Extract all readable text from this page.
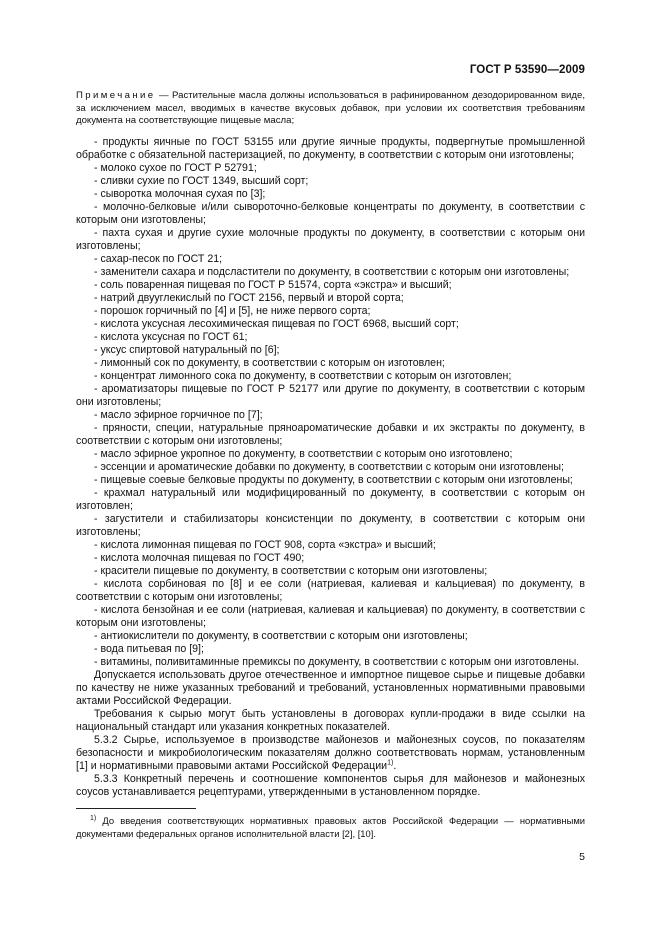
ГОСТ Р 53590—2009

Примечание — Растительные масла должны использоваться в рафинированном дезодорированном виде, за исключением масел, вводимых в качестве вкусовых добавок, при условии их соответствия требованиям документа на соответствующие пищевые масла;

- продукты яичные по ГОСТ 53155 или другие яичные продукты, подвергнутые промышленной обработке с обязательной пастеризацией, по документу, в соответствии с которым они изготовлены;

- молоко сухое по ГОСТ Р 52791;

- сливки сухие по ГОСТ 1349, высший сорт;

- сыворотка молочная сухая по [3];

- молочно-белковые и/или сывороточно-белковые концентраты по документу, в соответствии с которым они изготовлены;

- пахта сухая и другие сухие молочные продукты по документу, в соответствии с которым они изготовлены;

- сахар-песок по ГОСТ 21;

- заменители сахара и подсластители по документу, в соответствии с которым они изготовлены;

- соль поваренная пищевая по ГОСТ Р 51574, сорта «экстра» и высший;

- натрий двууглекислый по ГОСТ 2156, первый и второй сорта;

- порошок горчичный по [4] и [5], не ниже первого сорта;

- кислота уксусная лесохимическая пищевая по ГОСТ 6968, высший сорт;

- кислота уксусная по ГОСТ 61;

- уксус спиртовой натуральный по [6];

- лимонный сок по документу, в соответствии с которым он изготовлен;

- концентрат лимонного сока по документу, в соответствии с которым он изготовлен;

- ароматизаторы пищевые по ГОСТ Р 52177 или другие по документу, в соответствии с которым они изготовлены;

- масло эфирное горчичное по [7];

- пряности, специи, натуральные пряноароматические добавки и их экстракты по документу, в соответствии с которым они изготовлены;

- масло эфирное укропное по документу, в соответствии с которым оно изготовлено;

- эссенции и ароматические добавки по документу, в соответствии с которым они изготовлены;

- пищевые соевые белковые продукты по документу, в соответствии с которым они изготовлены;

- крахмал натуральный или модифицированный по документу, в соответствии с которым он изготовлен;

- загустители и стабилизаторы консистенции по документу, в соответствии с которым они изготовлены;

- кислота лимонная пищевая по ГОСТ 908, сорта «экстра» и высший;

- кислота молочная пищевая по ГОСТ 490;

- красители пищевые по документу, в соответствии с которым они изготовлены;

- кислота сорбиновая по [8] и ее соли (натриевая, калиевая и кальциевая) по документу, в соответствии с которым они изготовлены;

- кислота бензойная и ее соли (натриевая, калиевая и кальциевая) по документу, в соответствии с которым они изготовлены;

- антиокислители по документу, в соответствии с которым они изготовлены;

- вода питьевая по [9];

- витамины, поливитаминные премиксы по документу, в соответствии с которым они изготовлены.

Допускается использовать другое отечественное и импортное пищевое сырье и пищевые добавки по качеству не ниже указанных требований и требований, установленных нормативными правовыми актами Российской Федерации.

Требования к сырью могут быть установлены в договорах купли-продажи в виде ссылки на национальный стандарт или указания конкретных показателей.

5.3.2 Сырье, используемое в производстве майонезов и майонезных соусов, по показателям безопасности и микробиологическим показателям должно соответствовать нормам, установленным [1] и нормативными правовыми актами Российской Федерации$^{1)}$.

5.3.3 Конкретный перечень и соотношение компонентов сырья для майонезов и майонезных соусов устанавливается рецептурами, утвержденными в установленном порядке.

$^{1)}$ До введения соответствующих нормативных правовых актов Российской Федерации — нормативными документами федеральных органов исполнительной власти [2], [10].

5
